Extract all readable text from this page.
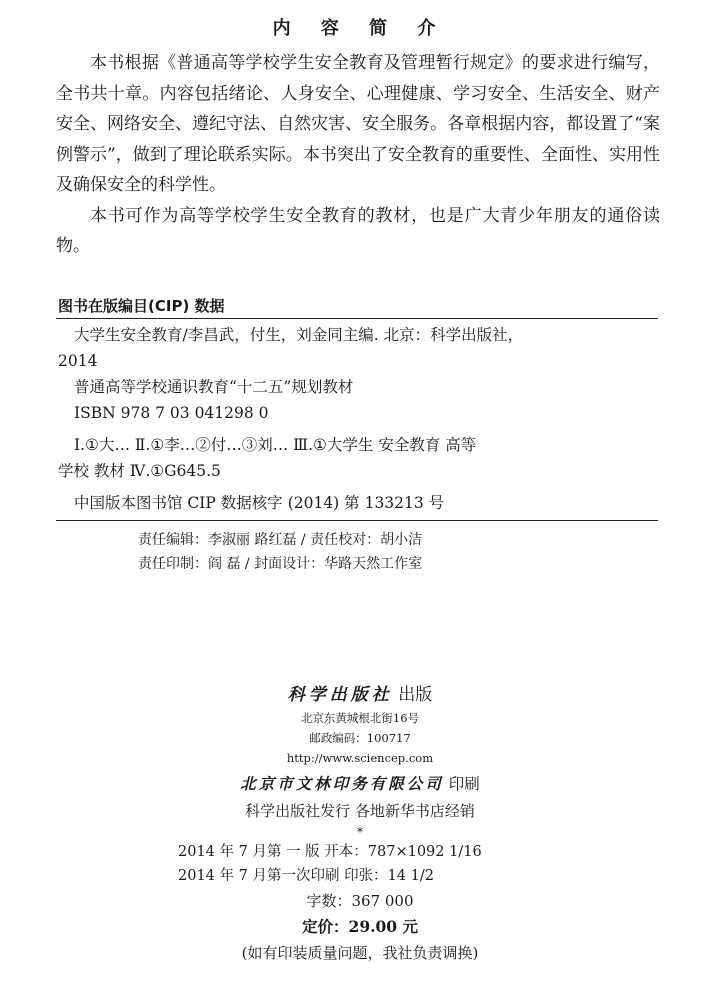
内 容 简 介

本书根据《普通高等学校学生安全教育及管理暂行规定》的要求进行编写，全书共十章。内容包括绪论、人身安全、心理健康、学习安全、生活安全、财产安全、网络安全、遵纪守法、自然灾害、安全服务。各章根据内容，都设置了“案例警示”，做到了理论联系实际。本书突出了安全教育的重要性、全面性、实用性及确保安全的科学性。

本书可作为高等学校学生安全教育的教材，也是广大青少年朋友的通俗读物。

图书在版编目(CIP) 数据
大学生安全教育/李昌武，付生，刘金同主编. 北京：科学出版社，
2014
普通高等学校通识教育“十二五”规划教材
ISBN 978 7 03 041298 0
Ⅰ.①大… Ⅱ.①李…②付…③刘… Ⅲ.①大学生 安全教育 高等
学校 教材 Ⅳ.①G645.5
中国版本图书馆 CIP 数据核字 (2014) 第 133213 号
责任编辑：李淑丽 路红磊 / 责任校对：胡小洁
责任印制：阎 磊 / 封面设计：华路天然工作室
科学出版社 出版
北京东黄城根北街16号
邮政编码：100717
http://www.sciencep.com
北京市文林印务有限公司 印刷
科学出版社发行 各地新华书店经销
*
2014 年 7 月第 一 版 开本：787×1092 1/16
2014 年 7 月第一次印刷 印张：14 1/2
字数：367 000
定价：29.00 元
(如有印装质量问题，我社负责调换)
